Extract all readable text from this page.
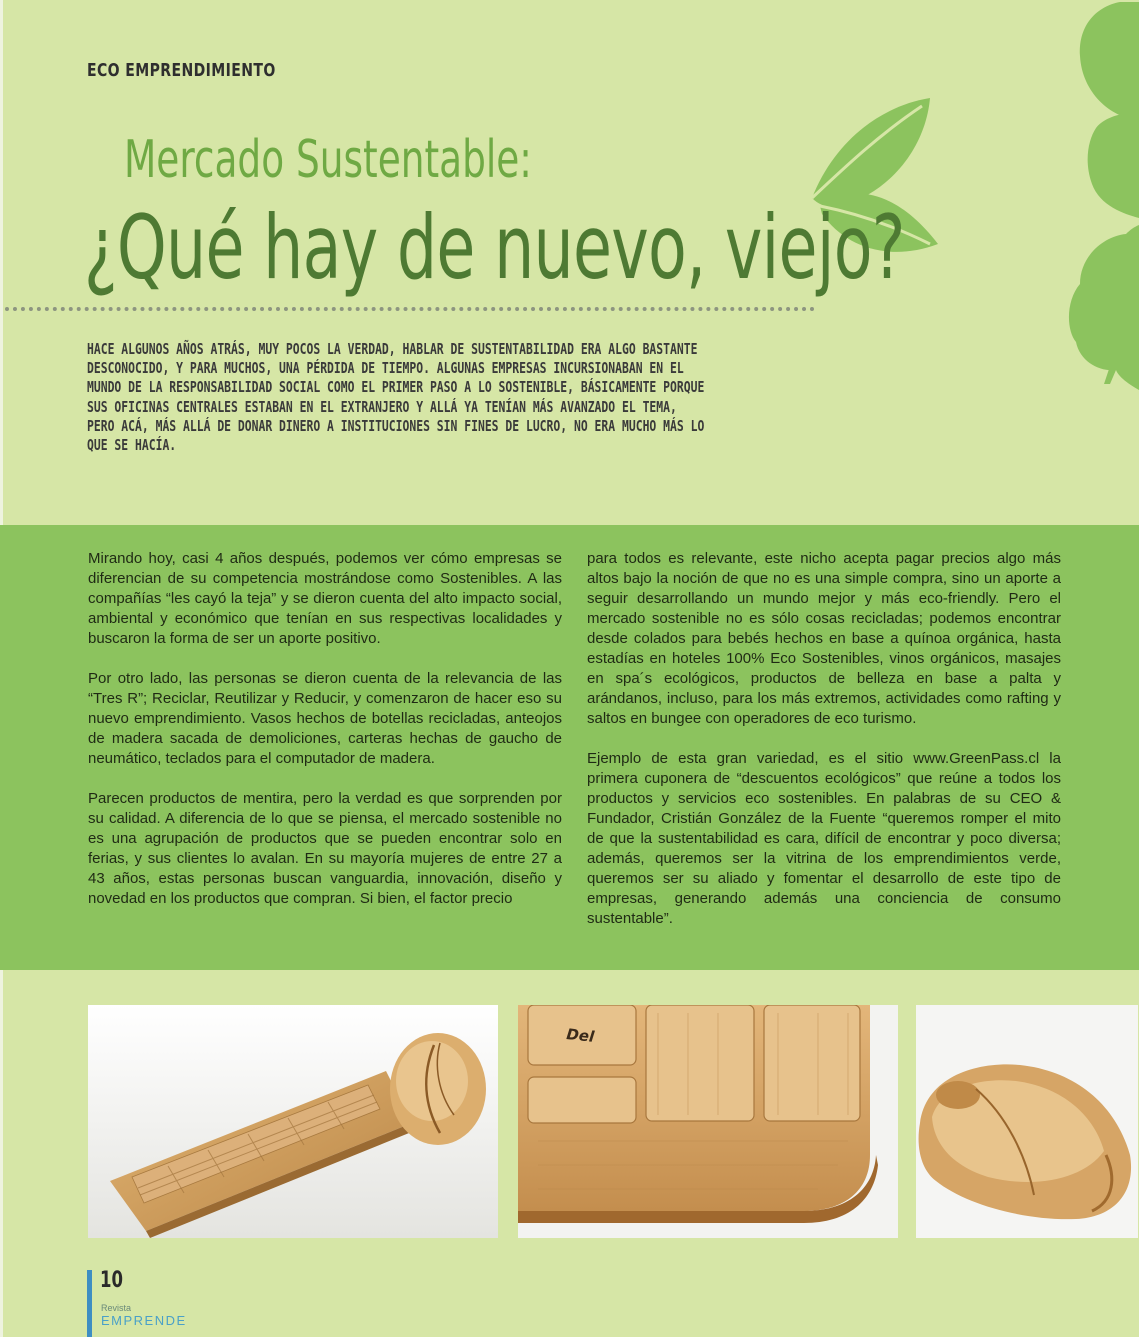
ECO EMPRENDIMIENTO
Mercado Sustentable:
¿Qué hay de nuevo, viejo?

HACE ALGUNOS AÑOS ATRÁS, MUY POCOS LA VERDAD, HABLAR DE SUSTENTABILIDAD ERA ALGO BASTANTE

DESCONOCIDO, Y PARA MUCHOS, UNA PÉRDIDA DE TIEMPO. ALGUNAS EMPRESAS INCURSIONABAN EN EL

MUNDO DE LA RESPONSABILIDAD SOCIAL COMO EL PRIMER PASO A LO SOSTENIBLE, BÁSICAMENTE PORQUE

SUS OFICINAS CENTRALES ESTABAN EN EL EXTRANJERO Y ALLÁ YA TENÍAN MÁS AVANZADO EL TEMA,

PERO ACÁ, MÁS ALLÁ DE DONAR DINERO A INSTITUCIONES SIN FINES DE LUCRO, NO ERA MUCHO MÁS LO

QUE SE HACÍA.

Mirando hoy, casi 4 años después, podemos ver cómo empresas se diferencian de su competencia mostrándose como Sostenibles. A las compañías “les cayó la teja” y se dieron cuenta del alto impacto social, ambiental y económico que tenían en sus respectivas localidades y buscaron la forma de ser un aporte positivo.

Por otro lado, las personas se dieron cuenta de la relevancia de las “Tres R”; Reciclar, Reutilizar y Reducir, y comenzaron de hacer eso su nuevo emprendimiento. Vasos hechos de botellas recicladas, anteojos de madera sacada de demoliciones, carteras hechas de gaucho de neumático, teclados para el computador de madera.

Parecen productos de mentira, pero la verdad es que sorprenden por su calidad. A diferencia de lo que se piensa, el mercado sostenible no es una agrupación de productos que se pueden encontrar solo en ferias, y sus clientes lo avalan. En su mayoría mujeres de entre 27 a 43 años, estas personas buscan vanguardia, innovación, diseño y novedad en los productos que compran. Si bien, el factor precio

para todos es relevante, este nicho acepta pagar precios algo más altos bajo la noción de que no es una simple compra, sino un aporte a seguir desarrollando un mundo mejor y más eco-friendly. Pero el mercado sostenible no es sólo cosas recicladas; podemos encontrar desde colados para bebés hechos en base a quínoa orgánica, hasta estadías en hoteles 100% Eco Sostenibles, vinos orgánicos, masajes en spa´s ecológicos, productos de belleza en base a palta y arándanos, incluso, para los más extremos, actividades como rafting y saltos en bungee con operadores de eco turismo.

Ejemplo de esta gran variedad, es el sitio www.GreenPass.cl la primera cuponera de “descuentos ecológicos” que reúne a todos los productos y servicios eco sostenibles. En palabras de su CEO & Fundador, Cristián González de la Fuente “queremos romper el mito de que la sustentabilidad es cara, difícil de encontrar y poco diversa; además, queremos ser la vitrina de los emprendimientos verde, queremos ser su aliado y fomentar el desarrollo de este tipo de empresas, generando además una conciencia de consumo sustentable”.

Del
10
Revista
EMPRENDE
